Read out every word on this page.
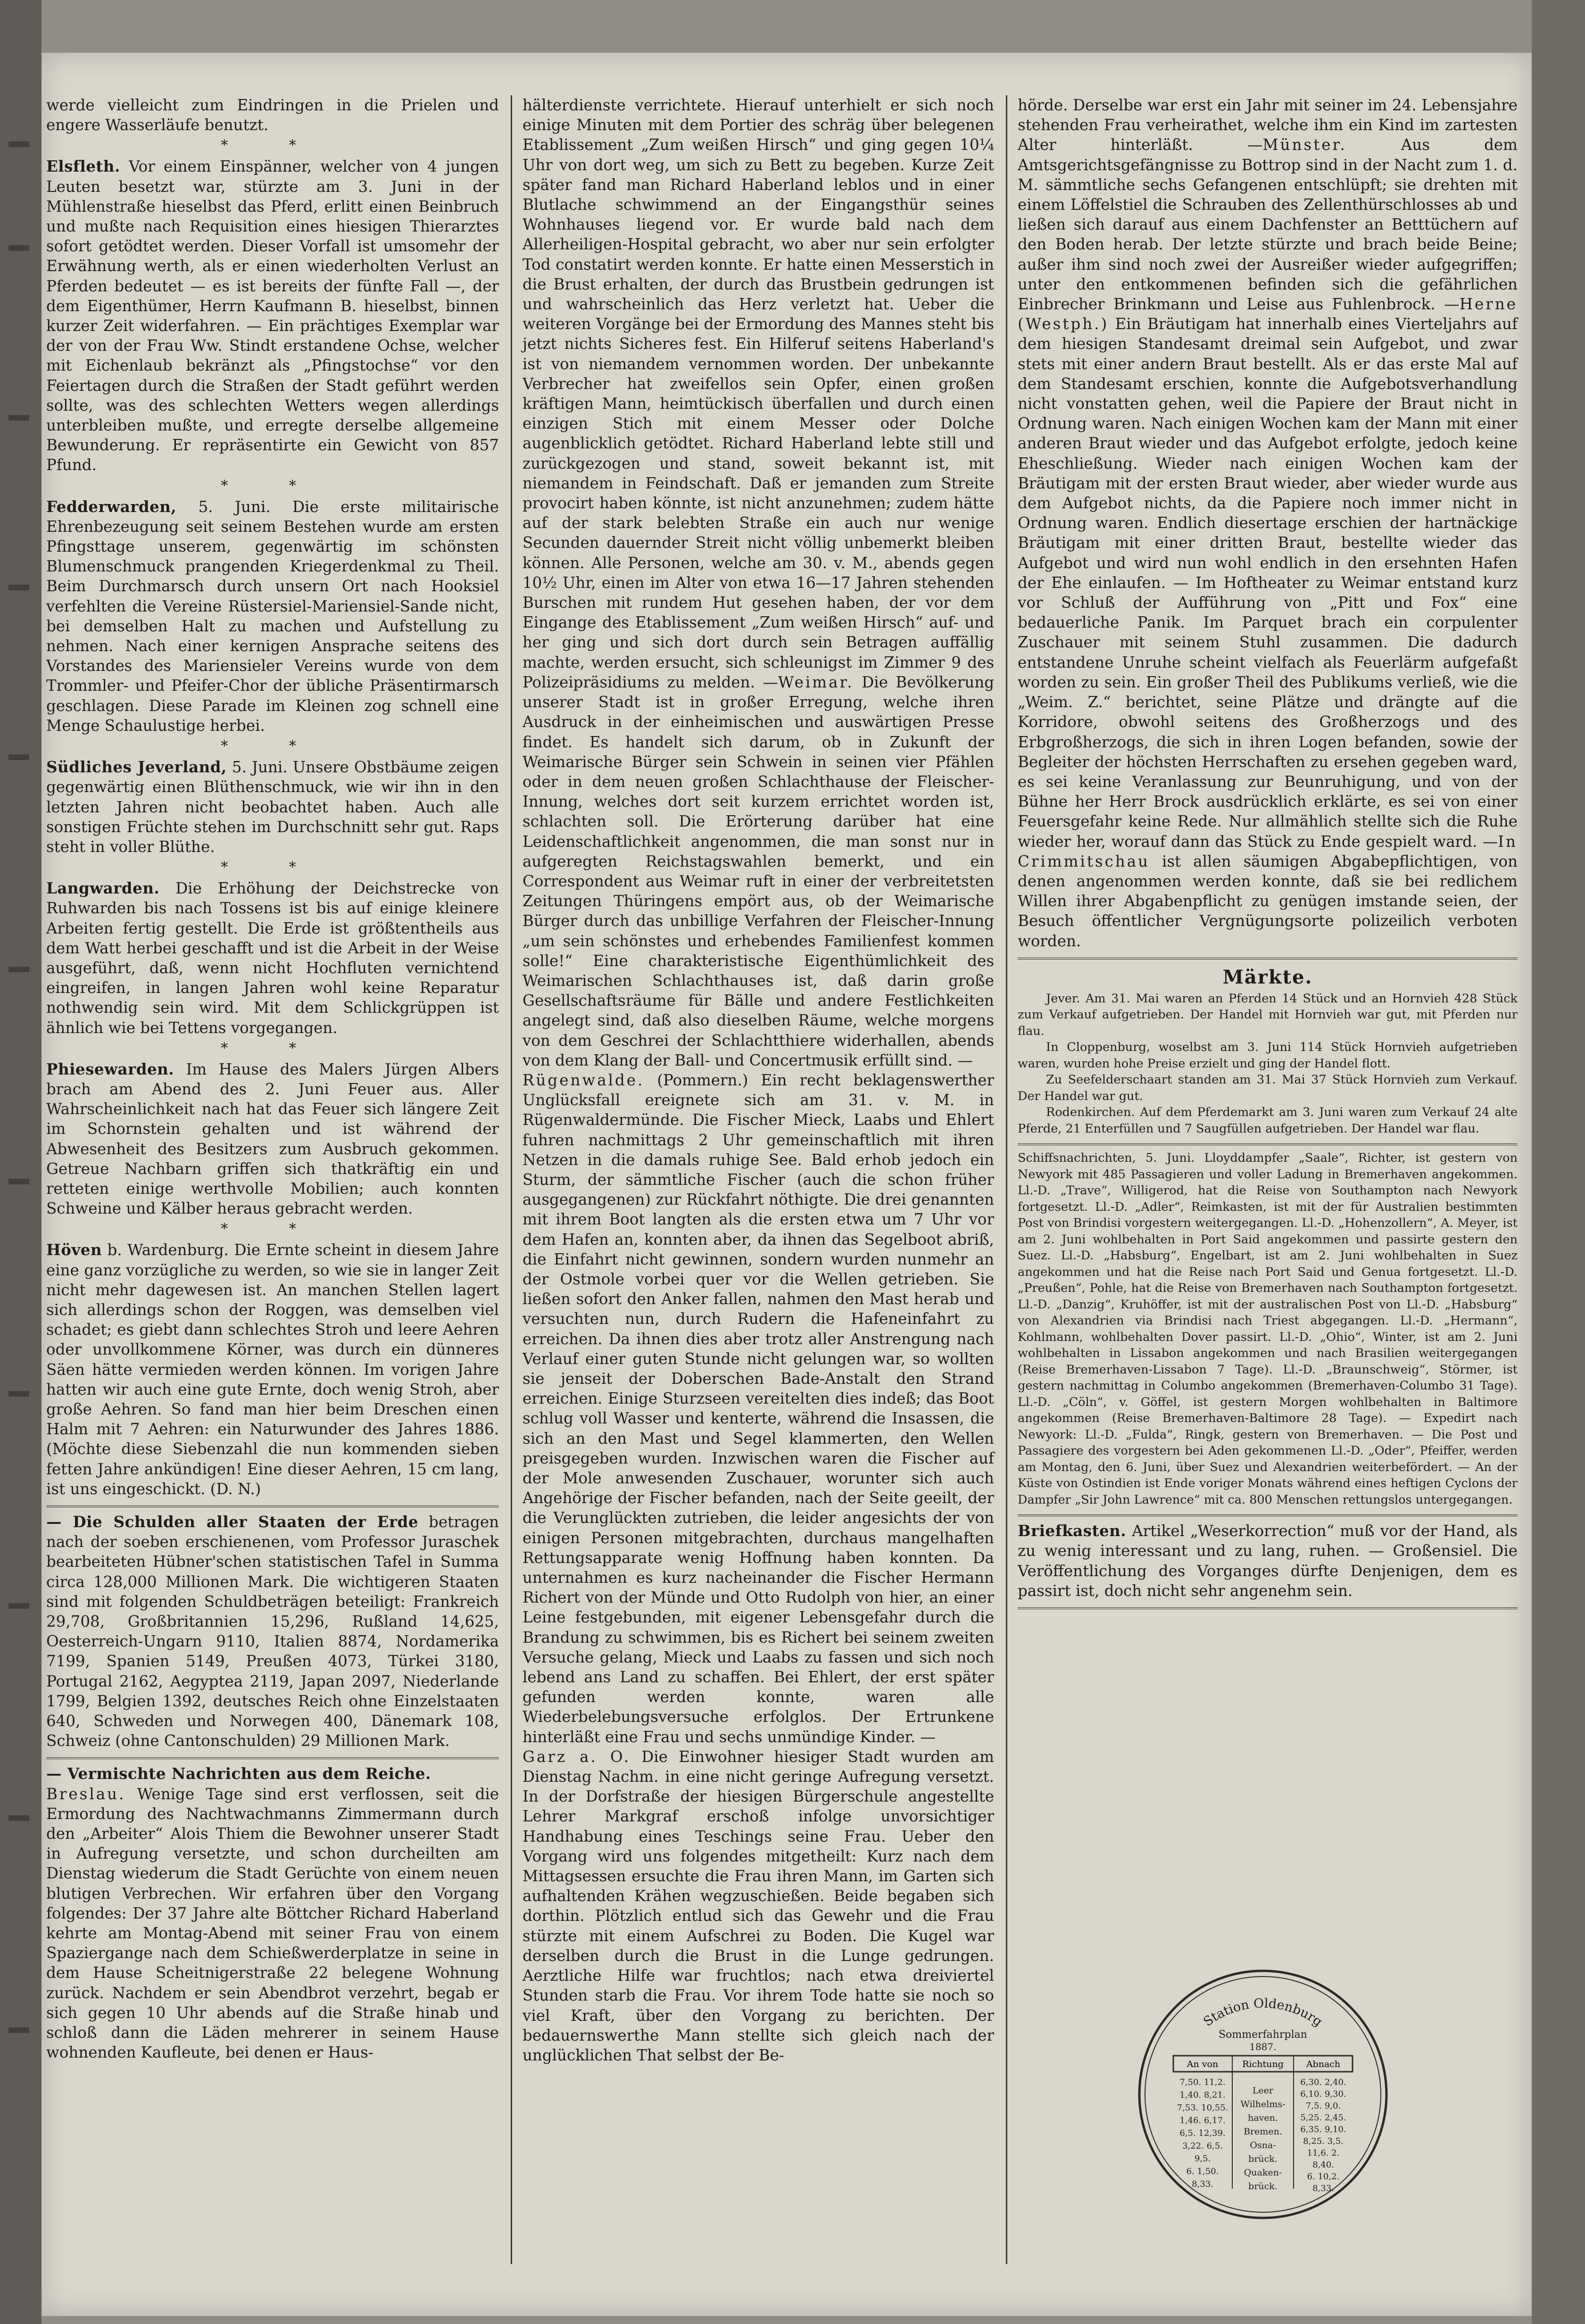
werde vielleicht zum Eindringen in die Prielen und engere Wasserläufe benutzt.

* *

Elsfleth. Vor einem Einspänner, welcher von 4 jungen Leuten besetzt war, stürzte am 3. Juni in der Mühlenstraße hieselbst das Pferd, erlitt einen Beinbruch und mußte nach Requisition eines hiesigen Thierarztes sofort getödtet werden. Dieser Vorfall ist umsomehr der Erwähnung werth, als er einen wiederholten Verlust an Pferden bedeutet — es ist bereits der fünfte Fall —, der dem Eigenthümer, Herrn Kaufmann B. hieselbst, binnen kurzer Zeit widerfahren. — Ein prächtiges Exemplar war der von der Frau Ww. Stindt erstandene Ochse, welcher mit Eichenlaub bekränzt als „Pfingstochse“ vor den Feiertagen durch die Straßen der Stadt geführt werden sollte, was des schlechten Wetters wegen allerdings unterbleiben mußte, und erregte derselbe allgemeine Bewunderung. Er repräsentirte ein Gewicht von 857 Pfund.

* *

Fedderwarden, 5. Juni. Die erste militairische Ehrenbezeugung seit seinem Bestehen wurde am ersten Pfingsttage unserem, gegenwärtig im schönsten Blumenschmuck prangenden Kriegerdenkmal zu Theil. Beim Durchmarsch durch unsern Ort nach Hooksiel verfehlten die Vereine Rüstersiel-Mariensiel-Sande nicht, bei demselben Halt zu machen und Aufstellung zu nehmen. Nach einer kernigen Ansprache seitens des Vorstandes des Mariensieler Vereins wurde von dem Trommler- und Pfeifer-Chor der übliche Präsentirmarsch geschlagen. Diese Parade im Kleinen zog schnell eine Menge Schaulustige herbei.

* *

Südliches Jeverland, 5. Juni. Unsere Obstbäume zeigen gegenwärtig einen Blüthenschmuck, wie wir ihn in den letzten Jahren nicht beobachtet haben. Auch alle sonstigen Früchte stehen im Durchschnitt sehr gut. Raps steht in voller Blüthe.

* *

Langwarden. Die Erhöhung der Deichstrecke von Ruhwarden bis nach Tossens ist bis auf einige kleinere Arbeiten fertig gestellt. Die Erde ist größtentheils aus dem Watt herbei geschafft und ist die Arbeit in der Weise ausgeführt, daß, wenn nicht Hochfluten vernichtend eingreifen, in langen Jahren wohl keine Reparatur nothwendig sein wird. Mit dem Schlickgrüppen ist ähnlich wie bei Tettens vorgegangen.

* *

Phiesewarden. Im Hause des Malers Jürgen Albers brach am Abend des 2. Juni Feuer aus. Aller Wahrscheinlichkeit nach hat das Feuer sich längere Zeit im Schornstein gehalten und ist während der Abwesenheit des Besitzers zum Ausbruch gekommen. Getreue Nachbarn griffen sich thatkräftig ein und retteten einige werthvolle Mobilien; auch konnten Schweine und Kälber heraus gebracht werden.

* *

Höven b. Wardenburg. Die Ernte scheint in diesem Jahre eine ganz vorzügliche zu werden, so wie sie in langer Zeit nicht mehr dagewesen ist. An manchen Stellen lagert sich allerdings schon der Roggen, was demselben viel schadet; es giebt dann schlechtes Stroh und leere Aehren oder unvollkommene Körner, was durch ein dünneres Säen hätte vermieden werden können. Im vorigen Jahre hatten wir auch eine gute Ernte, doch wenig Stroh, aber große Aehren. So fand man hier beim Dreschen einen Halm mit 7 Aehren: ein Naturwunder des Jahres 1886. (Möchte diese Siebenzahl die nun kommenden sieben fetten Jahre ankündigen! Eine dieser Aehren, 15 cm lang, ist uns eingeschickt. (D. N.)

— Die Schulden aller Staaten der Erde betragen nach der soeben erschienenen, vom Professor Juraschek bearbeiteten Hübner'schen statistischen Tafel in Summa circa 128,000 Millionen Mark. Die wichtigeren Staaten sind mit folgenden Schuldbeträgen beteiligt: Frankreich 29,708, Großbritannien 15,296, Rußland 14,625, Oesterreich-Ungarn 9110, Italien 8874, Nordamerika 7199, Spanien 5149, Preußen 4073, Türkei 3180, Portugal 2162, Aegyptea 2119, Japan 2097, Niederlande 1799, Belgien 1392, deutsches Reich ohne Einzelstaaten 640, Schweden und Norwegen 400, Dänemark 108, Schweiz (ohne Cantonschulden) 29 Millionen Mark.

— Vermischte Nachrichten aus dem Reiche.

Breslau. Wenige Tage sind erst verflossen, seit die Ermordung des Nachtwachmanns Zimmermann durch den „Arbeiter“ Alois Thiem die Bewohner unserer Stadt in Aufregung versetzte, und schon durcheilten am Dienstag wiederum die Stadt Gerüchte von einem neuen blutigen Verbrechen. Wir erfahren über den Vorgang folgendes: Der 37 Jahre alte Böttcher Richard Haberland kehrte am Montag-Abend mit seiner Frau von einem Spaziergange nach dem Schießwerderplatze in seine in dem Hause Scheitnigerstraße 22 belegene Wohnung zurück. Nachdem er sein Abendbrot verzehrt, begab er sich gegen 10 Uhr abends auf die Straße hinab und schloß dann die Läden mehrerer in seinem Hause wohnenden Kaufleute, bei denen er Haus-

hälterdienste verrichtete. Hierauf unterhielt er sich noch einige Minuten mit dem Portier des schräg über belegenen Etablissement „Zum weißen Hirsch“ und ging gegen 10¼ Uhr von dort weg, um sich zu Bett zu begeben. Kurze Zeit später fand man Richard Haberland leblos und in einer Blutlache schwimmend an der Eingangsthür seines Wohnhauses liegend vor. Er wurde bald nach dem Allerheiligen-Hospital gebracht, wo aber nur sein erfolgter Tod constatirt werden konnte. Er hatte einen Messerstich in die Brust erhalten, der durch das Brustbein gedrungen ist und wahrscheinlich das Herz verletzt hat. Ueber die weiteren Vorgänge bei der Ermordung des Mannes steht bis jetzt nichts Sicheres fest. Ein Hilferuf seitens Haberland's ist von niemandem vernommen worden. Der unbekannte Verbrecher hat zweifellos sein Opfer, einen großen kräftigen Mann, heimtückisch überfallen und durch einen einzigen Stich mit einem Messer oder Dolche augenblicklich getödtet. Richard Haberland lebte still und zurückgezogen und stand, soweit bekannt ist, mit niemandem in Feindschaft. Daß er jemanden zum Streite provocirt haben könnte, ist nicht anzunehmen; zudem hätte auf der stark belebten Straße ein auch nur wenige Secunden dauernder Streit nicht völlig unbemerkt bleiben können. Alle Personen, welche am 30. v. M., abends gegen 10½ Uhr, einen im Alter von etwa 16—17 Jahren stehenden Burschen mit rundem Hut gesehen haben, der vor dem Eingange des Etablissement „Zum weißen Hirsch“ auf- und her ging und sich dort durch sein Betragen auffällig machte, werden ersucht, sich schleunigst im Zimmer 9 des Polizeipräsidiums zu melden. —Weimar. Die Bevölkerung unserer Stadt ist in großer Erregung, welche ihren Ausdruck in der einheimischen und auswärtigen Presse findet. Es handelt sich darum, ob in Zukunft der Weimarische Bürger sein Schwein in seinen vier Pfählen oder in dem neuen großen Schlachthause der Fleischer-Innung, welches dort seit kurzem errichtet worden ist, schlachten soll. Die Erörterung darüber hat eine Leidenschaftlichkeit angenommen, die man sonst nur in aufgeregten Reichstagswahlen bemerkt, und ein Correspondent aus Weimar ruft in einer der verbreitetsten Zeitungen Thüringens empört aus, ob der Weimarische Bürger durch das unbillige Verfahren der Fleischer-Innung „um sein schönstes und erhebendes Familienfest kommen solle!“ Eine charakteristische Eigenthümlichkeit des Weimarischen Schlachthauses ist, daß darin große Gesellschaftsräume für Bälle und andere Festlichkeiten angelegt sind, daß also dieselben Räume, welche morgens von dem Geschrei der Schlachtthiere widerhallen, abends von dem Klang der Ball- und Concertmusik erfüllt sind. —

Rügenwalde. (Pommern.) Ein recht beklagenswerther Unglücksfall ereignete sich am 31. v. M. in Rügenwaldermünde. Die Fischer Mieck, Laabs und Ehlert fuhren nachmittags 2 Uhr gemeinschaftlich mit ihren Netzen in die damals ruhige See. Bald erhob jedoch ein Sturm, der sämmtliche Fischer (auch die schon früher ausgegangenen) zur Rückfahrt nöthigte. Die drei genannten mit ihrem Boot langten als die ersten etwa um 7 Uhr vor dem Hafen an, konnten aber, da ihnen das Segelboot abriß, die Einfahrt nicht gewinnen, sondern wurden nunmehr an der Ostmole vorbei quer vor die Wellen getrieben. Sie ließen sofort den Anker fallen, nahmen den Mast herab und versuchten nun, durch Rudern die Hafeneinfahrt zu erreichen. Da ihnen dies aber trotz aller Anstrengung nach Verlauf einer guten Stunde nicht gelungen war, so wollten sie jenseit der Doberschen Bade-Anstalt den Strand erreichen. Einige Sturzseen vereitelten dies indeß; das Boot schlug voll Wasser und kenterte, während die Insassen, die sich an den Mast und Segel klammerten, den Wellen preisgegeben wurden. Inzwischen waren die Fischer auf der Mole anwesenden Zuschauer, worunter sich auch Angehörige der Fischer befanden, nach der Seite geeilt, der die Verunglückten zutrieben, die leider angesichts der von einigen Personen mitgebrachten, durchaus mangelhaften Rettungsapparate wenig Hoffnung haben konnten. Da unternahmen es kurz nacheinander die Fischer Hermann Richert von der Münde und Otto Rudolph von hier, an einer Leine festgebunden, mit eigener Lebensgefahr durch die Brandung zu schwimmen, bis es Richert bei seinem zweiten Versuche gelang, Mieck und Laabs zu fassen und sich noch lebend ans Land zu schaffen. Bei Ehlert, der erst später gefunden werden konnte, waren alle Wiederbelebungsversuche erfolglos. Der Ertrunkene hinterläßt eine Frau und sechs unmündige Kinder. —

Garz a. O. Die Einwohner hiesiger Stadt wurden am Dienstag Nachm. in eine nicht geringe Aufregung versetzt. In der Dorfstraße der hiesigen Bürgerschule angestellte Lehrer Markgraf erschoß infolge unvorsichtiger Handhabung eines Teschings seine Frau. Ueber den Vorgang wird uns folgendes mitgetheilt: Kurz nach dem Mittagsessen ersuchte die Frau ihren Mann, im Garten sich aufhaltenden Krähen wegzuschießen. Beide begaben sich dorthin. Plötzlich entlud sich das Gewehr und die Frau stürzte mit einem Aufschrei zu Boden. Die Kugel war derselben durch die Brust in die Lunge gedrungen. Aerztliche Hilfe war fruchtlos; nach etwa dreiviertel Stunden starb die Frau. Vor ihrem Tode hatte sie noch so viel Kraft, über den Vorgang zu berichten. Der bedauernswerthe Mann stellte sich gleich nach der unglücklichen That selbst der Be-

hörde. Derselbe war erst ein Jahr mit seiner im 24. Lebensjahre stehenden Frau verheirathet, welche ihm ein Kind im zartesten Alter hinterläßt. —Münster. Aus dem Amtsgerichtsgefängnisse zu Bottrop sind in der Nacht zum 1. d. M. sämmtliche sechs Gefangenen entschlüpft; sie drehten mit einem Löffelstiel die Schrauben des Zellenthürschlosses ab und ließen sich darauf aus einem Dachfenster an Betttüchern auf den Boden herab. Der letzte stürzte und brach beide Beine; außer ihm sind noch zwei der Ausreißer wieder aufgegriffen; unter den entkommenen befinden sich die gefährlichen Einbrecher Brinkmann und Leise aus Fuhlenbrock. —Herne (Westph.) Ein Bräutigam hat innerhalb eines Vierteljahrs auf dem hiesigen Standesamt dreimal sein Aufgebot, und zwar stets mit einer andern Braut bestellt. Als er das erste Mal auf dem Standesamt erschien, konnte die Aufgebotsverhandlung nicht vonstatten gehen, weil die Papiere der Braut nicht in Ordnung waren. Nach einigen Wochen kam der Mann mit einer anderen Braut wieder und das Aufgebot erfolgte, jedoch keine Eheschließung. Wieder nach einigen Wochen kam der Bräutigam mit der ersten Braut wieder, aber wieder wurde aus dem Aufgebot nichts, da die Papiere noch immer nicht in Ordnung waren. Endlich diesertage erschien der hartnäckige Bräutigam mit einer dritten Braut, bestellte wieder das Aufgebot und wird nun wohl endlich in den ersehnten Hafen der Ehe einlaufen. — Im Hoftheater zu Weimar entstand kurz vor Schluß der Aufführung von „Pitt und Fox“ eine bedauerliche Panik. Im Parquet brach ein corpulenter Zuschauer mit seinem Stuhl zusammen. Die dadurch entstandene Unruhe scheint vielfach als Feuerlärm aufgefaßt worden zu sein. Ein großer Theil des Publikums verließ, wie die „Weim. Z.“ berichtet, seine Plätze und drängte auf die Korridore, obwohl seitens des Großherzogs und des Erbgroßherzogs, die sich in ihren Logen befanden, sowie der Begleiter der höchsten Herrschaften zu ersehen gegeben ward, es sei keine Veranlassung zur Beunruhigung, und von der Bühne her Herr Brock ausdrücklich erklärte, es sei von einer Feuersgefahr keine Rede. Nur allmählich stellte sich die Ruhe wieder her, worauf dann das Stück zu Ende gespielt ward. —In Crimmitschau ist allen säumigen Abgabepflichtigen, von denen angenommen werden konnte, daß sie bei redlichem Willen ihrer Abgabenpflicht zu genügen imstande seien, der Besuch öffentlicher Vergnügungsorte polizeilich verboten worden.

Märkte.

Jever. Am 31. Mai waren an Pferden 14 Stück und an Hornvieh 428 Stück zum Verkauf aufgetrieben. Der Handel mit Hornvieh war gut, mit Pferden nur flau.

In Cloppenburg, woselbst am 3. Juni 114 Stück Hornvieh aufgetrieben waren, wurden hohe Preise erzielt und ging der Handel flott.

Zu Seefelderschaart standen am 31. Mai 37 Stück Hornvieh zum Verkauf. Der Handel war gut.

Rodenkirchen. Auf dem Pferdemarkt am 3. Juni waren zum Verkauf 24 alte Pferde, 21 Enterfüllen und 7 Saugfüllen aufgetrieben. Der Handel war flau.

Schiffsnachrichten, 5. Juni. Lloyddampfer „Saale“, Richter, ist gestern von Newyork mit 485 Passagieren und voller Ladung in Bremerhaven angekommen. Ll.-D. „Trave“, Willigerod, hat die Reise von Southampton nach Newyork fortgesetzt. Ll.-D. „Adler“, Reimkasten, ist mit der für Australien bestimmten Post von Brindisi vorgestern weitergegangen. Ll.-D. „Hohenzollern“, A. Meyer, ist am 2. Juni wohlbehalten in Port Said angekommen und passirte gestern den Suez. Ll.-D. „Habsburg“, Engelbart, ist am 2. Juni wohlbehalten in Suez angekommen und hat die Reise nach Port Said und Genua fortgesetzt. Ll.-D. „Preußen“, Pohle, hat die Reise von Bremerhaven nach Southampton fortgesetzt. Ll.-D. „Danzig“, Kruhöffer, ist mit der australischen Post von Ll.-D. „Habsburg“ von Alexandrien via Brindisi nach Triest abgegangen. Ll.-D. „Hermann“, Kohlmann, wohlbehalten Dover passirt. Ll.-D. „Ohio“, Winter, ist am 2. Juni wohlbehalten in Lissabon angekommen und nach Brasilien weitergegangen (Reise Bremerhaven-Lissabon 7 Tage). Ll.-D. „Braunschweig“, Störmer, ist gestern nachmittag in Columbo angekommen (Bremerhaven-Columbo 31 Tage). Ll.-D. „Cöln“, v. Göffel, ist gestern Morgen wohlbehalten in Baltimore angekommen (Reise Bremerhaven-Baltimore 28 Tage). — Expedirt nach Newyork: Ll.-D. „Fulda“, Ringk, gestern von Bremerhaven. — Die Post und Passagiere des vorgestern bei Aden gekommenen Ll.-D. „Oder“, Pfeiffer, werden am Montag, den 6. Juni, über Suez und Alexandrien weiterbefördert. — An der Küste von Ostindien ist Ende voriger Monats während eines heftigen Cyclons der Dampfer „Sir John Lawrence“ mit ca. 800 Menschen rettungslos untergegangen.

Briefkasten. Artikel „Weserkorrection“ muß vor der Hand, als zu wenig interessant und zu lang, ruhen. — Großensiel. Die Veröffentlichung des Vorganges dürfte Denjenigen, dem es passirt ist, doch nicht sehr angenehm sein.

Station Oldenburg
Sommerfahrplan
1887.
An von	Richtung	Abnach
7,50. 11,2.
1,40. 8,21.
7,53. 10,55.
1,46. 6,17.
6,5. 12,39.
3,22. 6,5.
9,5.
6. 1,50.
8,33.
Leer
Wilhelms-
haven.
Bremen.
Osna-
brück.
Quaken-
brück.
6,30. 2,40.
6,10. 9,30.
7,5. 9,0.
5,25. 2,45.
6,35. 9,10.
8,25. 3,5.
11,6. 2.
8,40.
6. 10,2.
8,33.
